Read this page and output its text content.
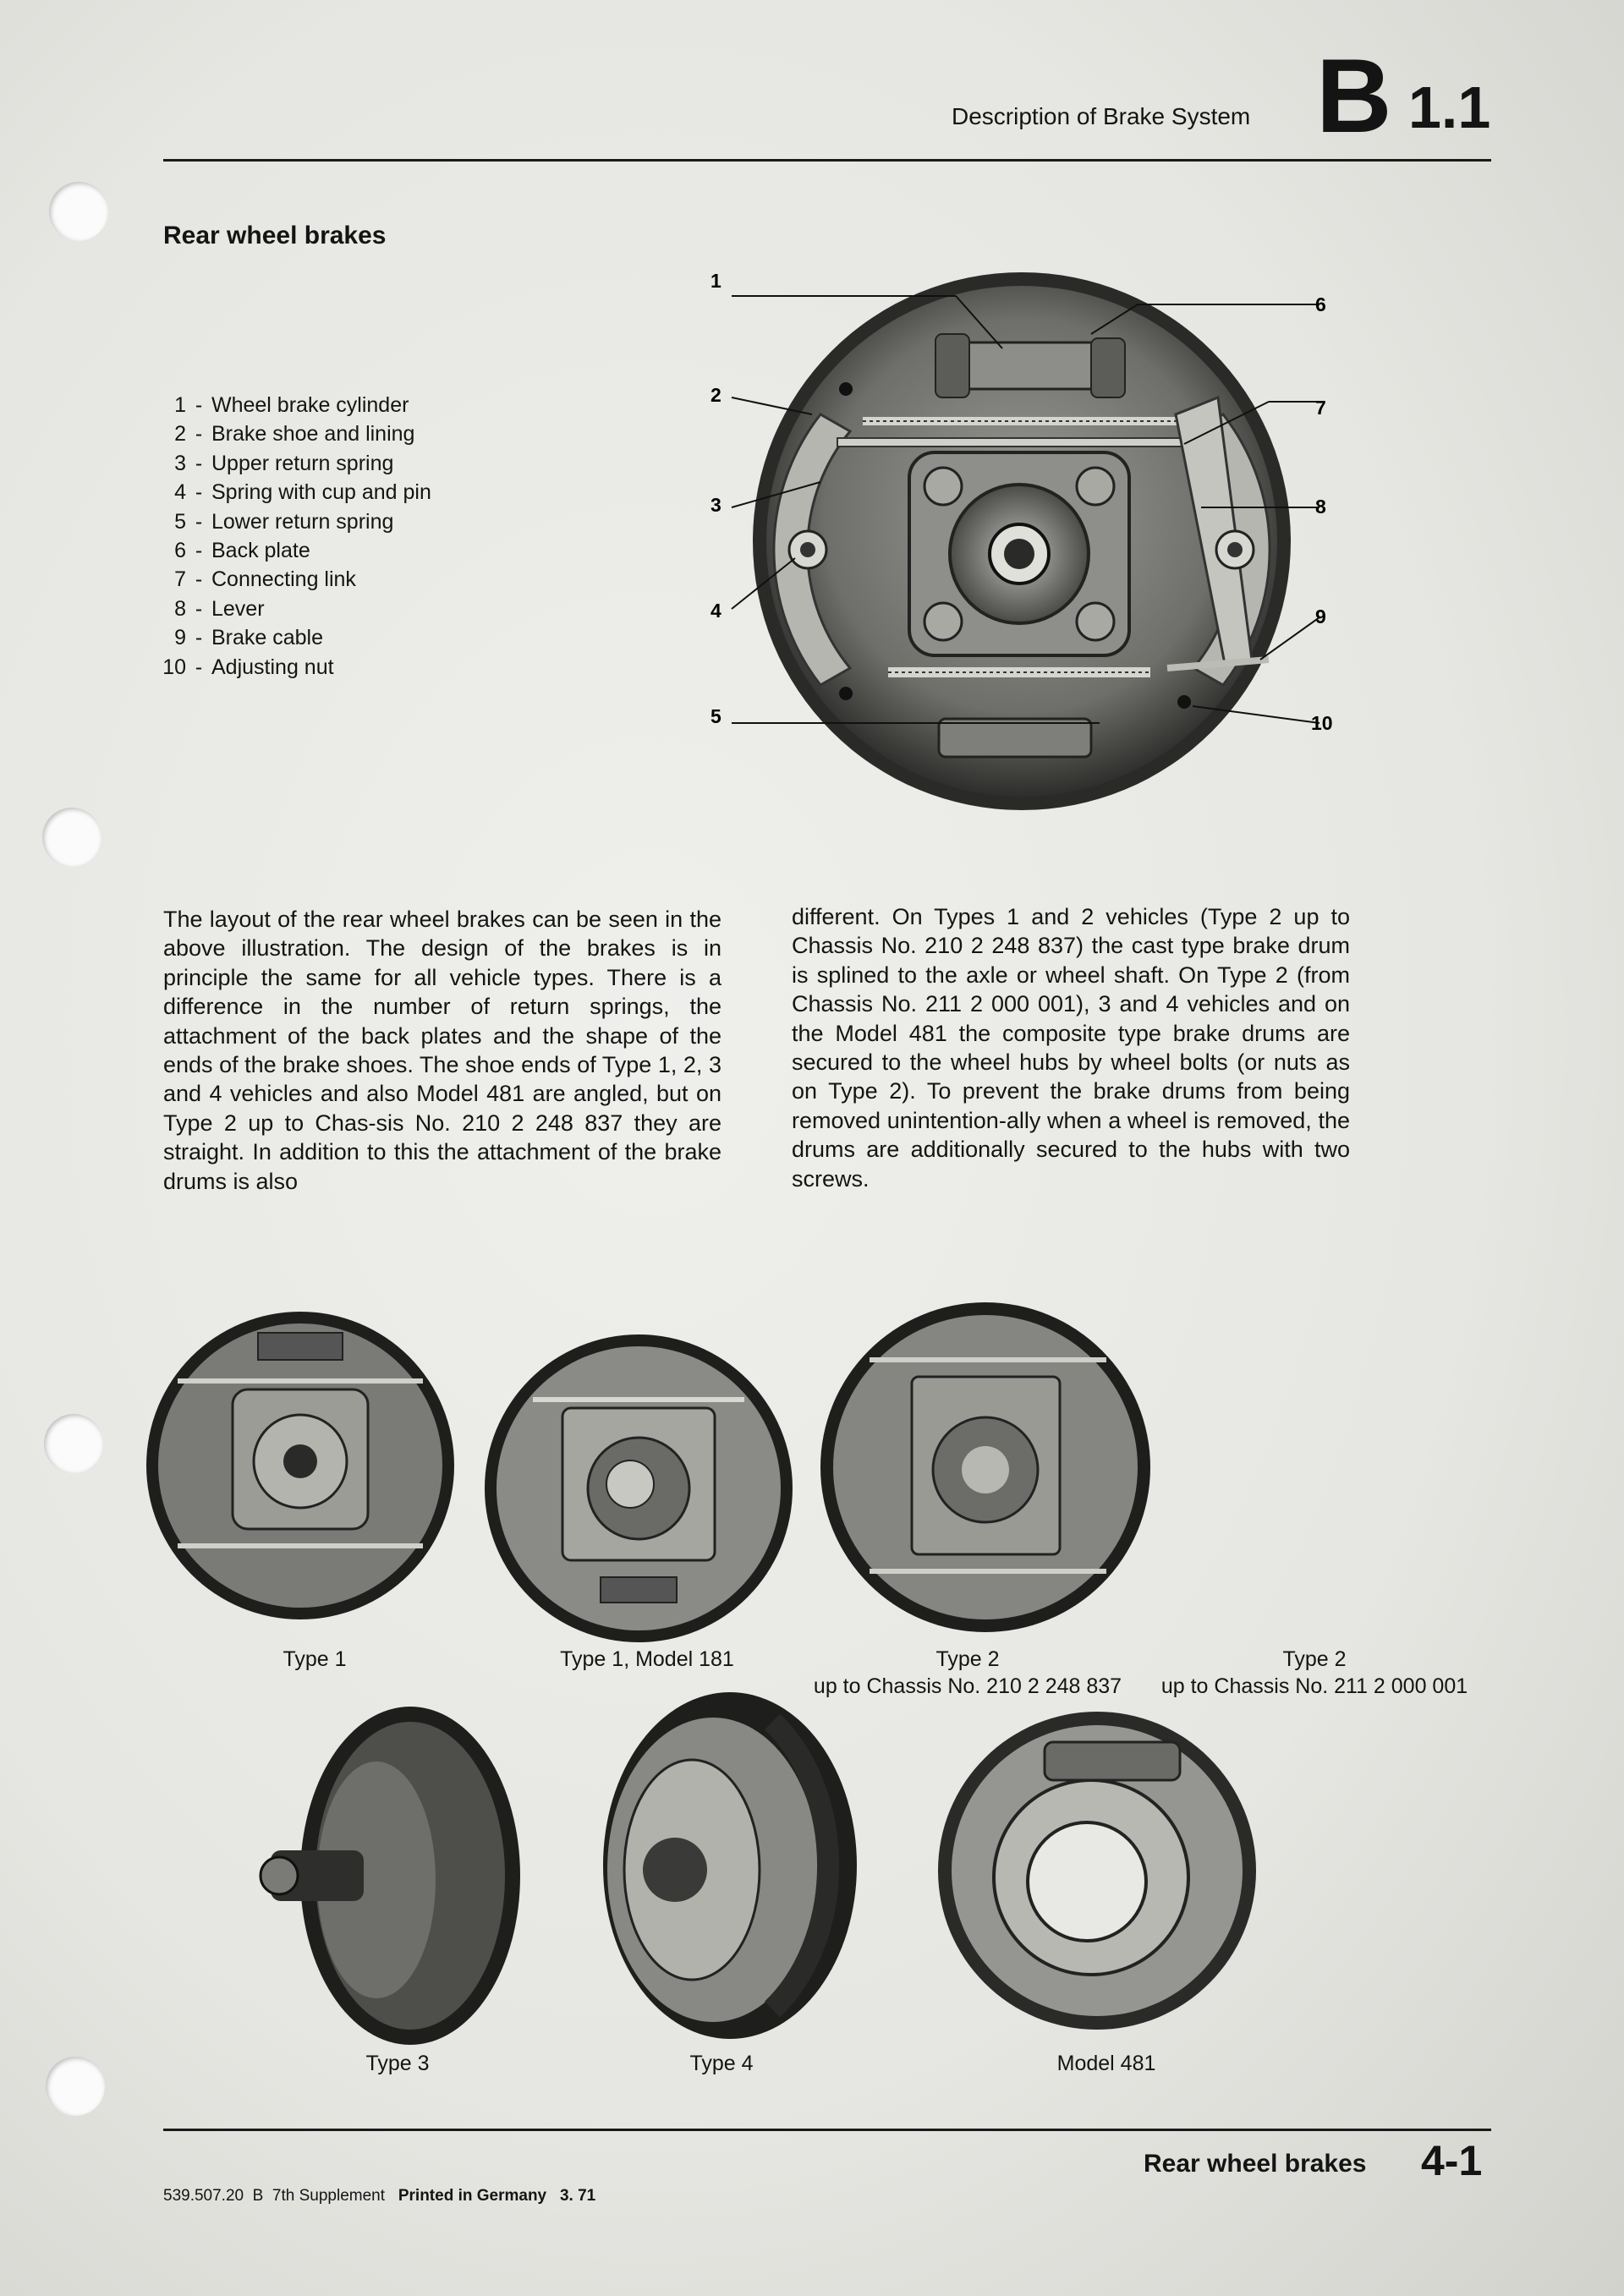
Description of Brake System B 1.1
Rear wheel brakes
1 - Wheel brake cylinder
2 - Brake shoe and lining
3 - Upper return spring
4 - Spring with cup and pin
5 - Lower return spring
6 - Back plate
7 - Connecting link
8 - Lever
9 - Brake cable
10 - Adjusting nut
1
2
3
4
5
6
7
8
9
10
The layout of the rear wheel brakes can be seen in the above illustration. The design of the brakes is in principle the same for all vehicle types. There is a difference in the number of return springs, the attachment of the back plates and the shape of the ends of the brake shoes. The shoe ends of Type 1, 2, 3 and 4 vehicles and also Model 481 are angled, but on Type 2 up to Chas-sis No. 210 2 248 837 they are straight. In addition to this the attachment of the brake drums is also
different. On Types 1 and 2 vehicles (Type 2 up to Chassis No. 210 2 248 837) the cast type brake drum is splined to the axle or wheel shaft. On Type 2 (from Chassis No. 211 2 000 001), 3 and 4 vehicles and on the Model 481 the composite type brake drums are secured to the wheel hubs by wheel bolts (or nuts as on Type 2). To prevent the brake drums from being removed unintention-ally when a wheel is removed, the drums are additionally secured to the hubs with two screws.
Type 1	Type 1, Model 181	Type 2
up to Chassis No. 210 2 248 837
Type 2
up to Chassis No. 211 2 000 001
Type 3	Type 4	Model 481
Rear wheel brakes 4-1
539.507.20 B 7th Supplement Printed in Germany 3. 71
